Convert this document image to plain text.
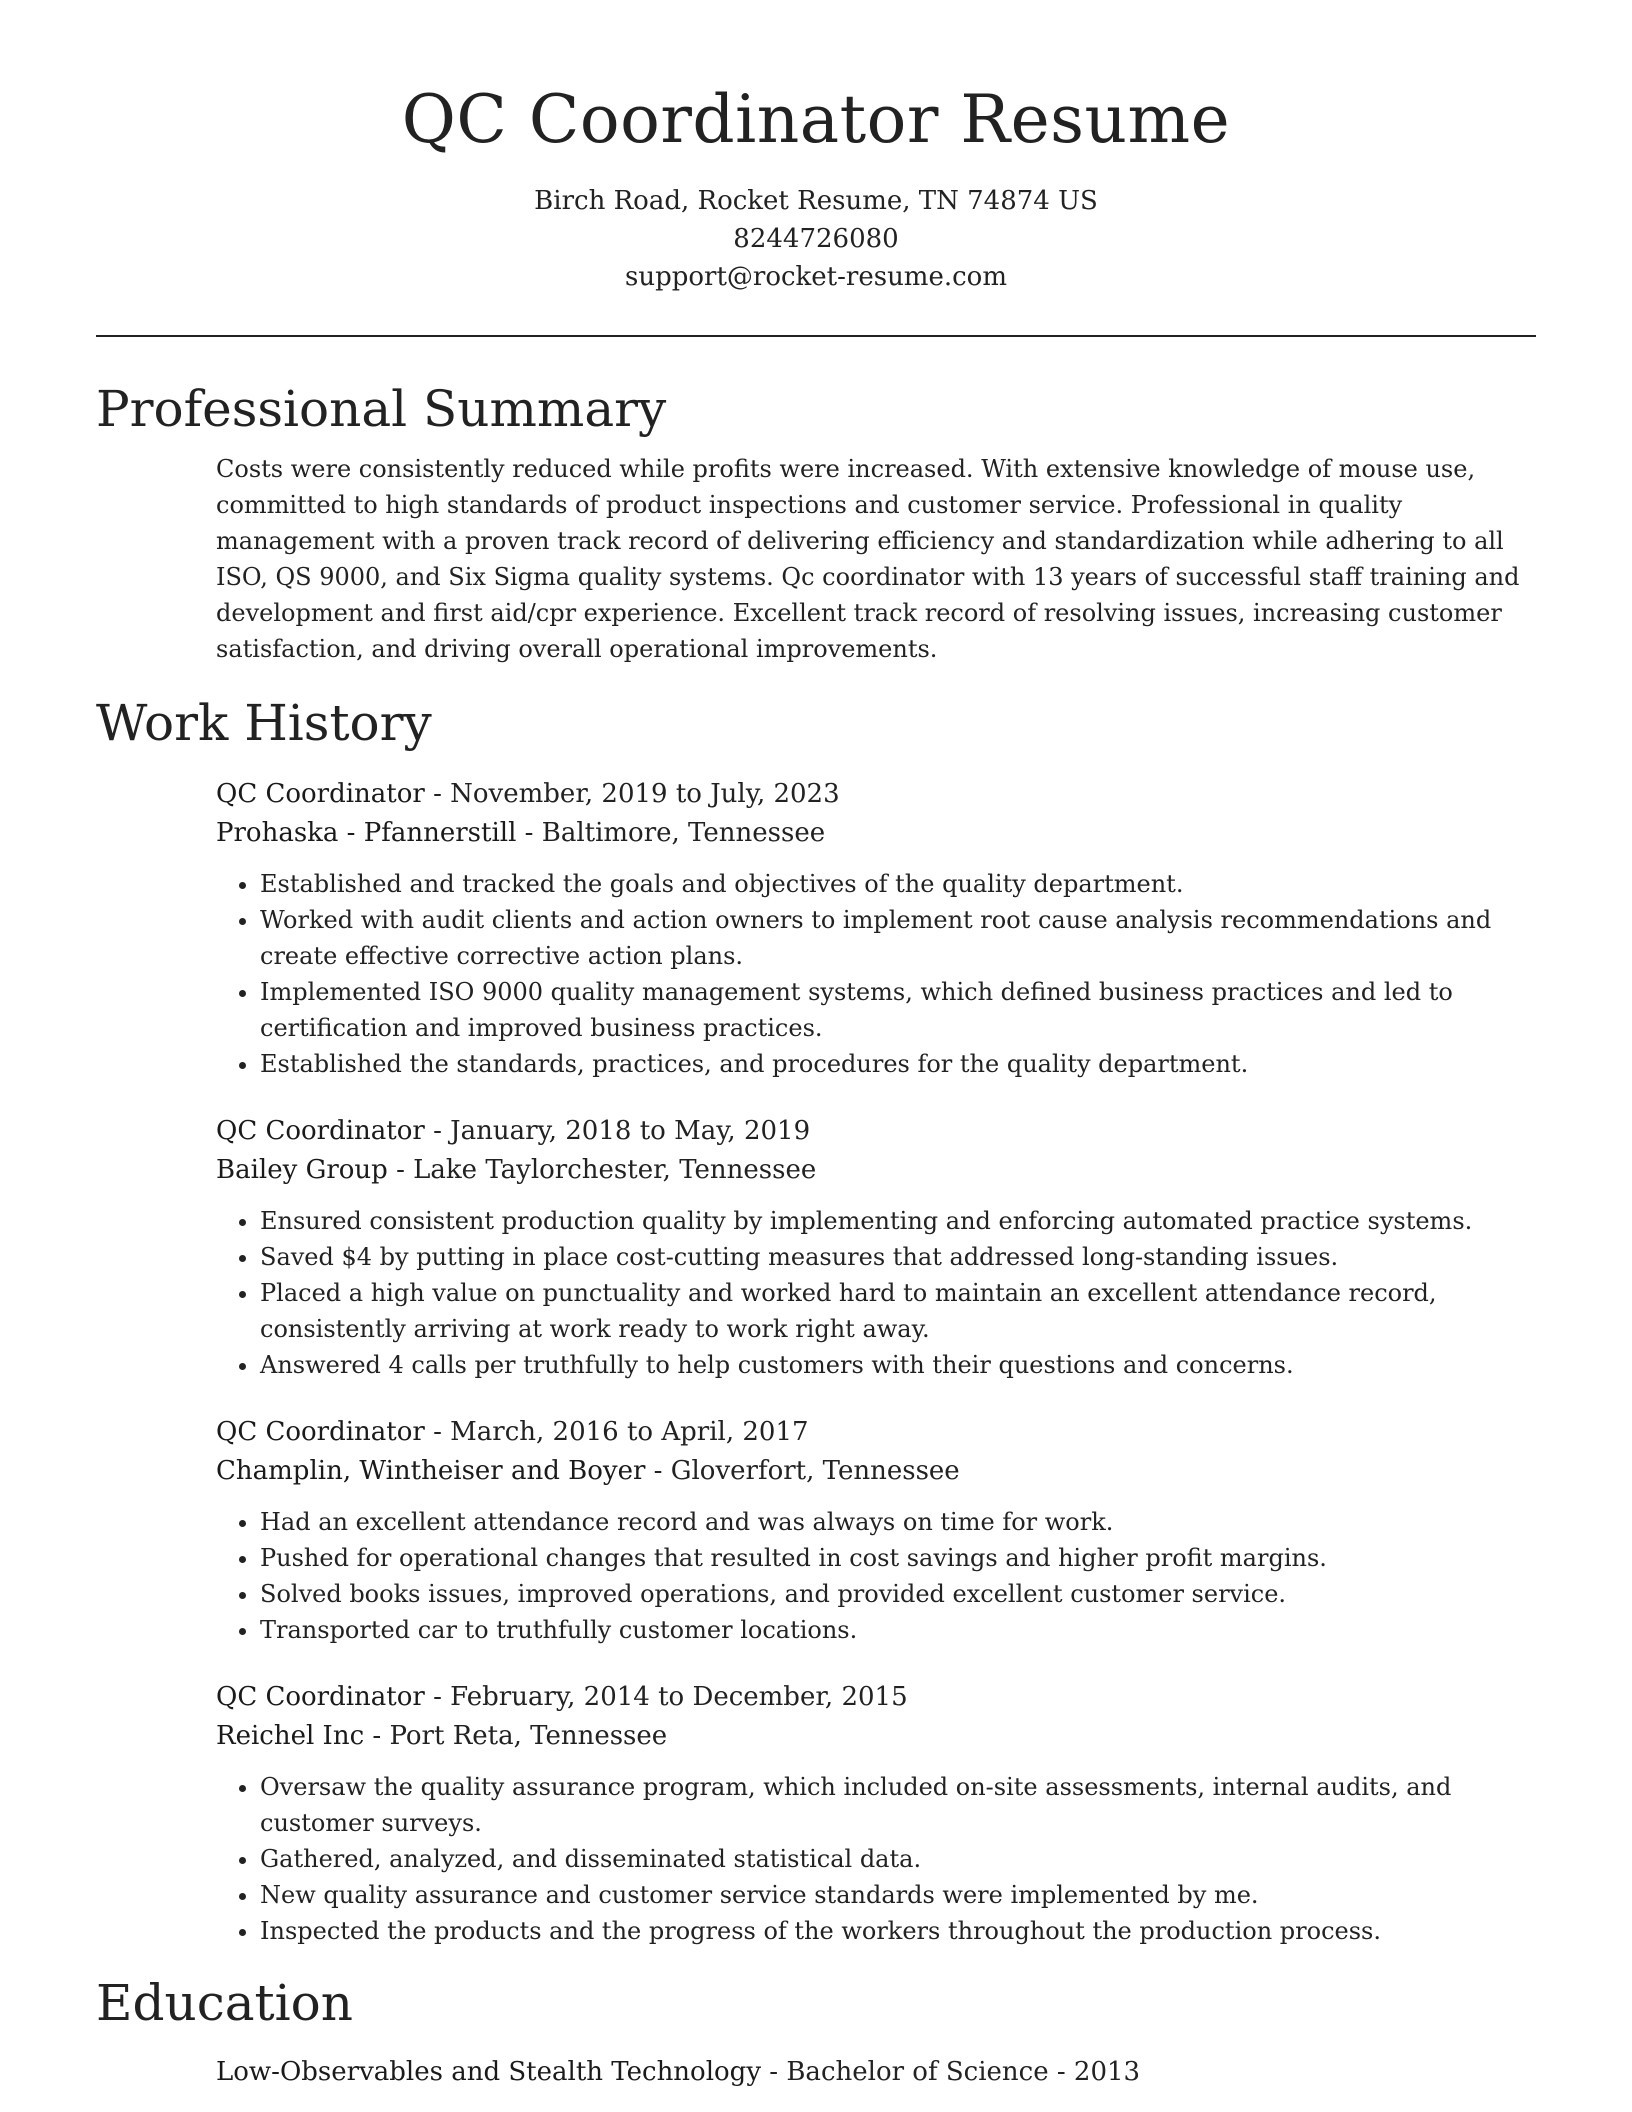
QC Coordinator Resume
Birch Road, Rocket Resume, TN 74874 US
8244726080
support@rocket-resume.com
Professional Summary

Costs were consistently reduced while profits were increased. With extensive knowledge of mouse use, committed to high standards of product inspections and customer service. Professional in quality management with a proven track record of delivering efficiency and standardization while adhering to all ISO, QS 9000, and Six Sigma quality systems. Qc coordinator with 13 years of successful staff training and development and first aid/cpr experience. Excellent track record of resolving issues, increasing customer satisfaction, and driving overall operational improvements.

Work History
QC Coordinator - November, 2019 to July, 2023
Prohaska - Pfannerstill - Baltimore, Tennessee
• Established and tracked the goals and objectives of the quality department.
• Worked with audit clients and action owners to implement root cause analysis recommendations and create effective corrective action plans.
• Implemented ISO 9000 quality management systems, which defined business practices and led to certification and improved business practices.
• Established the standards, practices, and procedures for the quality department.
QC Coordinator - January, 2018 to May, 2019
Bailey Group - Lake Taylorchester, Tennessee
• Ensured consistent production quality by implementing and enforcing automated practice systems.
• Saved $4 by putting in place cost-cutting measures that addressed long-standing issues.
• Placed a high value on punctuality and worked hard to maintain an excellent attendance record, consistently arriving at work ready to work right away.
• Answered 4 calls per truthfully to help customers with their questions and concerns.
QC Coordinator - March, 2016 to April, 2017
Champlin, Wintheiser and Boyer - Gloverfort, Tennessee
• Had an excellent attendance record and was always on time for work.
• Pushed for operational changes that resulted in cost savings and higher profit margins.
• Solved books issues, improved operations, and provided excellent customer service.
• Transported car to truthfully customer locations.
QC Coordinator - February, 2014 to December, 2015
Reichel Inc - Port Reta, Tennessee
• Oversaw the quality assurance program, which included on-site assessments, internal audits, and customer surveys.
• Gathered, analyzed, and disseminated statistical data.
• New quality assurance and customer service standards were implemented by me.
• Inspected the products and the progress of the workers throughout the production process.
Education
Low-Observables and Stealth Technology - Bachelor of Science - 2013
